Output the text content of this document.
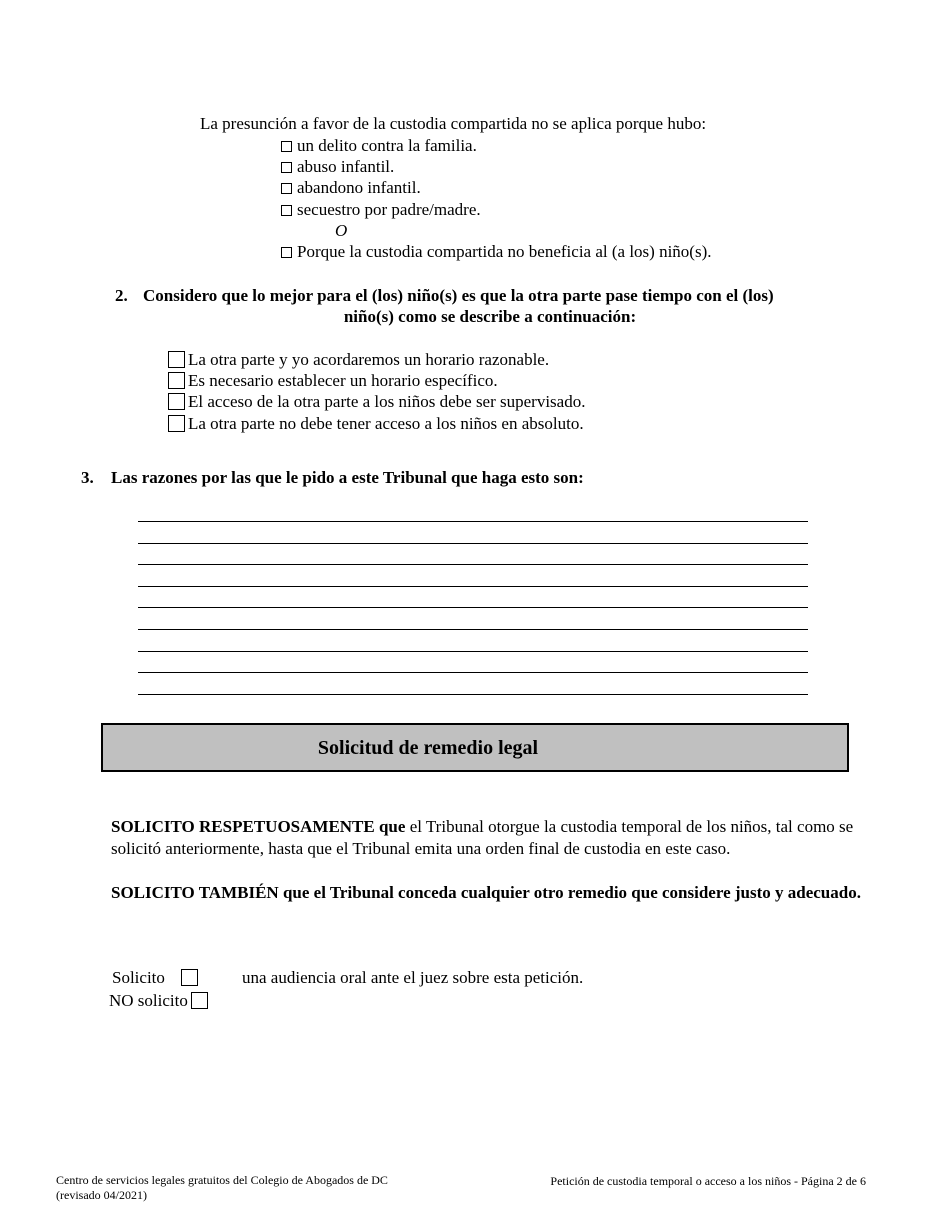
La presunción a favor de la custodia compartida no se aplica porque hubo:
un delito contra la familia.
abuso infantil.
abandono infantil.
secuestro por padre/madre.
O
Porque la custodia compartida no beneficia al (a los) niño(s).
2. Considero que lo mejor para el (los) niño(s) es que la otra parte pase tiempo con el (los)
niño(s) como se describe a continuación:
La otra parte y yo acordaremos un horario razonable.
Es necesario establecer un horario específico.
El acceso de la otra parte a los niños debe ser supervisado.
La otra parte no debe tener acceso a los niños en absoluto.
3. Las razones por las que le pido a este Tribunal que haga esto son:
Solicitud de remedio legal
SOLICITO RESPETUOSAMENTE que el Tribunal otorgue la custodia temporal de los niños, tal como se solicitó anteriormente, hasta que el Tribunal emita una orden final de custodia en este caso.
SOLICITO TAMBIÉN que el Tribunal conceda cualquier otro remedio que considere justo y adecuado.
Solicito	una audiencia oral ante el juez sobre esta petición.
NO solicito
Centro de servicios legales gratuitos del Colegio de Abogados de DC
(revisado 04/2021)
Petición de custodia temporal o acceso a los niños - Página 2 de 6
